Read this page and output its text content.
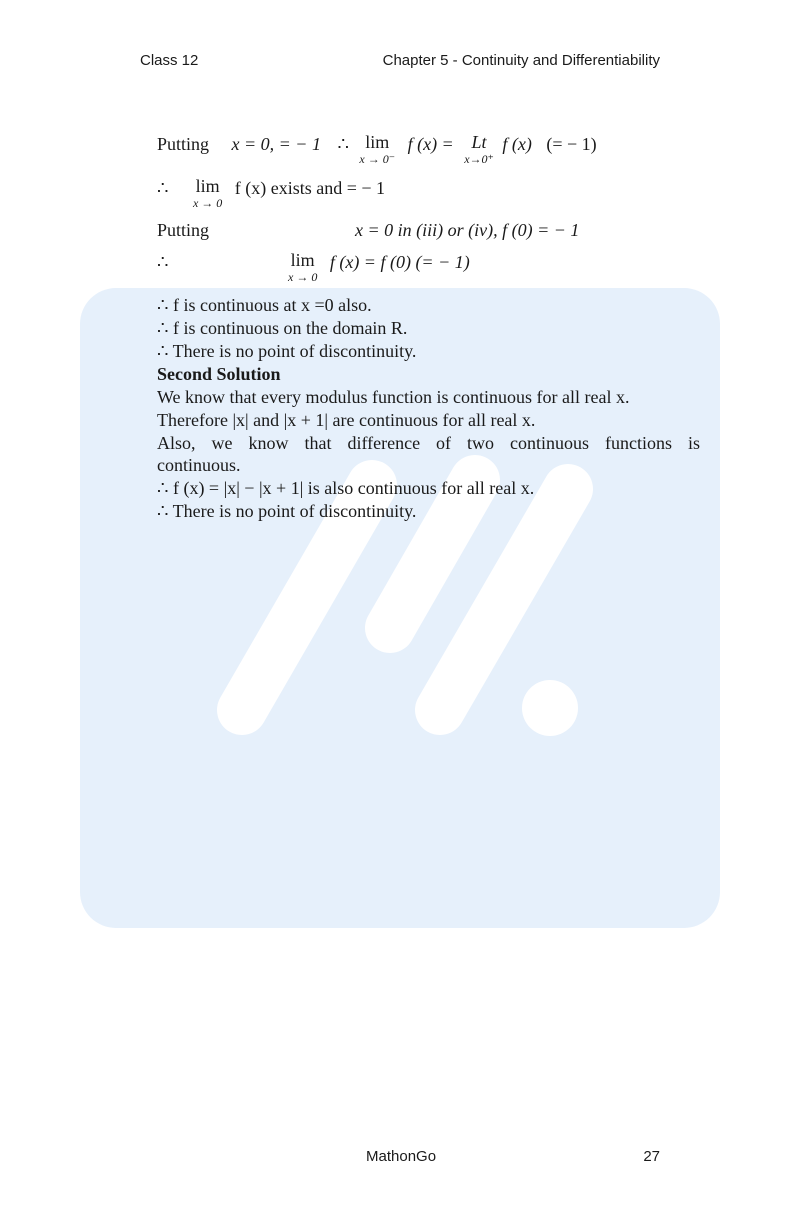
Class 12	Chapter 5 - Continuity and Differentiability
Putting x = 0, = − 1 ∴ lim
x → 0⁻
f (x) = Lt
x→0⁺
f (x) (= − 1)
∴ lim
x → 0
f (x) exists and = − 1
Putting	x = 0 in (iii) or (iv), f (0) = − 1
∴	lim
x → 0
f (x) = f (0) (= − 1)
∴ f is continuous at x =0 also.
∴ f is continuous on the domain R.
∴ There is no point of discontinuity.
Second Solution
We know that every modulus function is continuous for all real x.
Therefore |x| and |x + 1| are continuous for all real x.
Also, we know that difference of two continuous functions is
continuous.
∴ f (x) = |x| − |x + 1| is also continuous for all real x.
∴ There is no point of discontinuity.
MathonGo	27
